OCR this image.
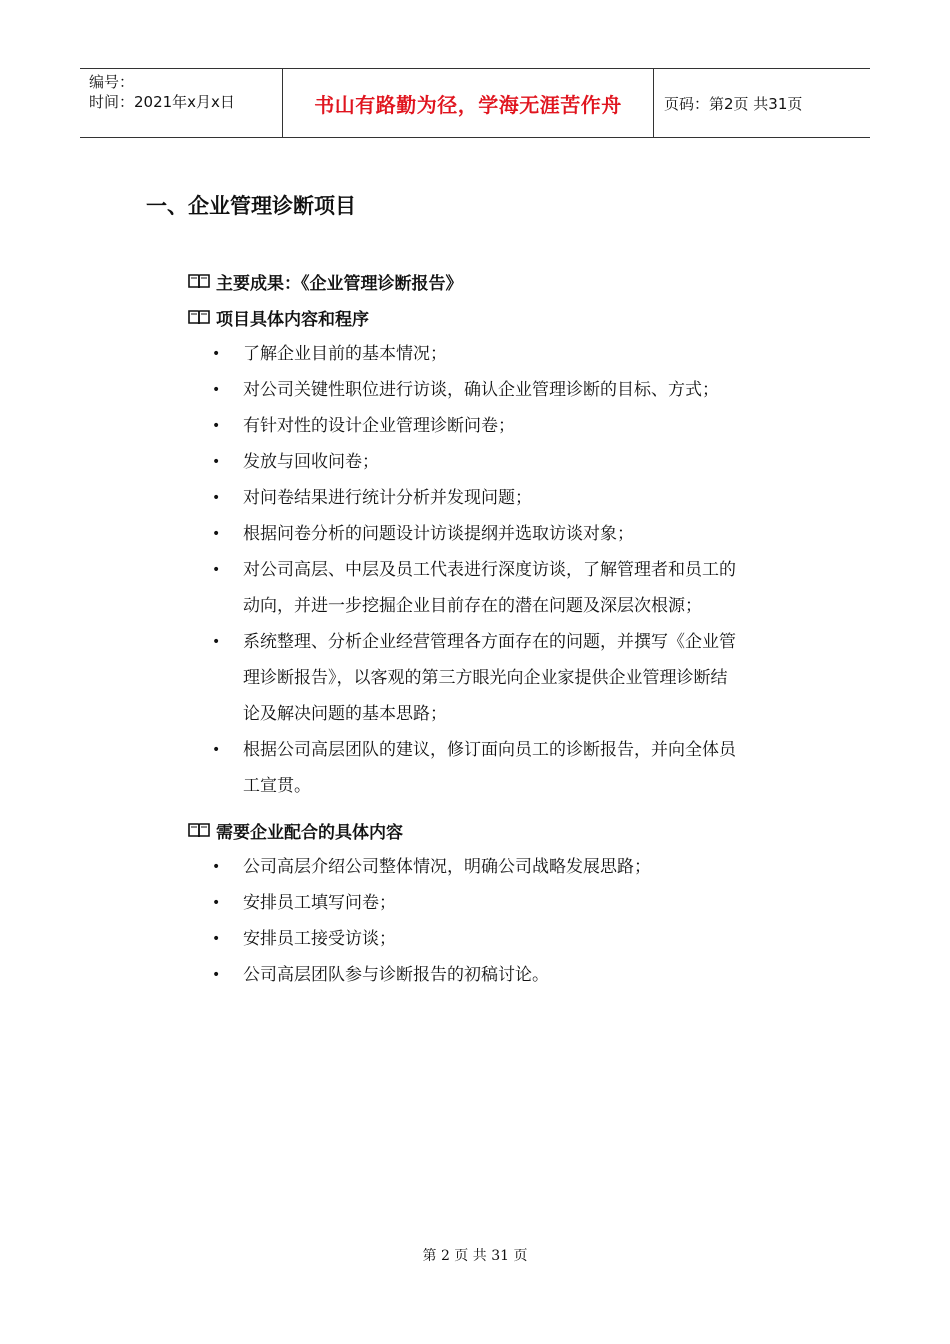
编号：
时间：2021年x月x日	书山有路勤为径，学海无涯苦作舟	页码：第2页 共31页
一、企业管理诊断项目
主要成果：《企业管理诊断报告》
项目具体内容和程序
• 了解企业目前的基本情况；
• 对公司关键性职位进行访谈，确认企业管理诊断的目标、方式；
• 有针对性的设计企业管理诊断问卷；
• 发放与回收问卷；
• 对问卷结果进行统计分析并发现问题；
• 根据问卷分析的问题设计访谈提纲并选取访谈对象；
• 对公司高层、中层及员工代表进行深度访谈，了解管理者和员工的
动向，并进一步挖掘企业目前存在的潜在问题及深层次根源；
• 系统整理、分析企业经营管理各方面存在的问题，并撰写《企业管
理诊断报告》，以客观的第三方眼光向企业家提供企业管理诊断结
论及解决问题的基本思路；
• 根据公司高层团队的建议，修订面向员工的诊断报告，并向全体员
工宣贯。
需要企业配合的具体内容
• 公司高层介绍公司整体情况，明确公司战略发展思路；
• 安排员工填写问卷；
• 安排员工接受访谈；
• 公司高层团队参与诊断报告的初稿讨论。
第 2 页 共 31 页
